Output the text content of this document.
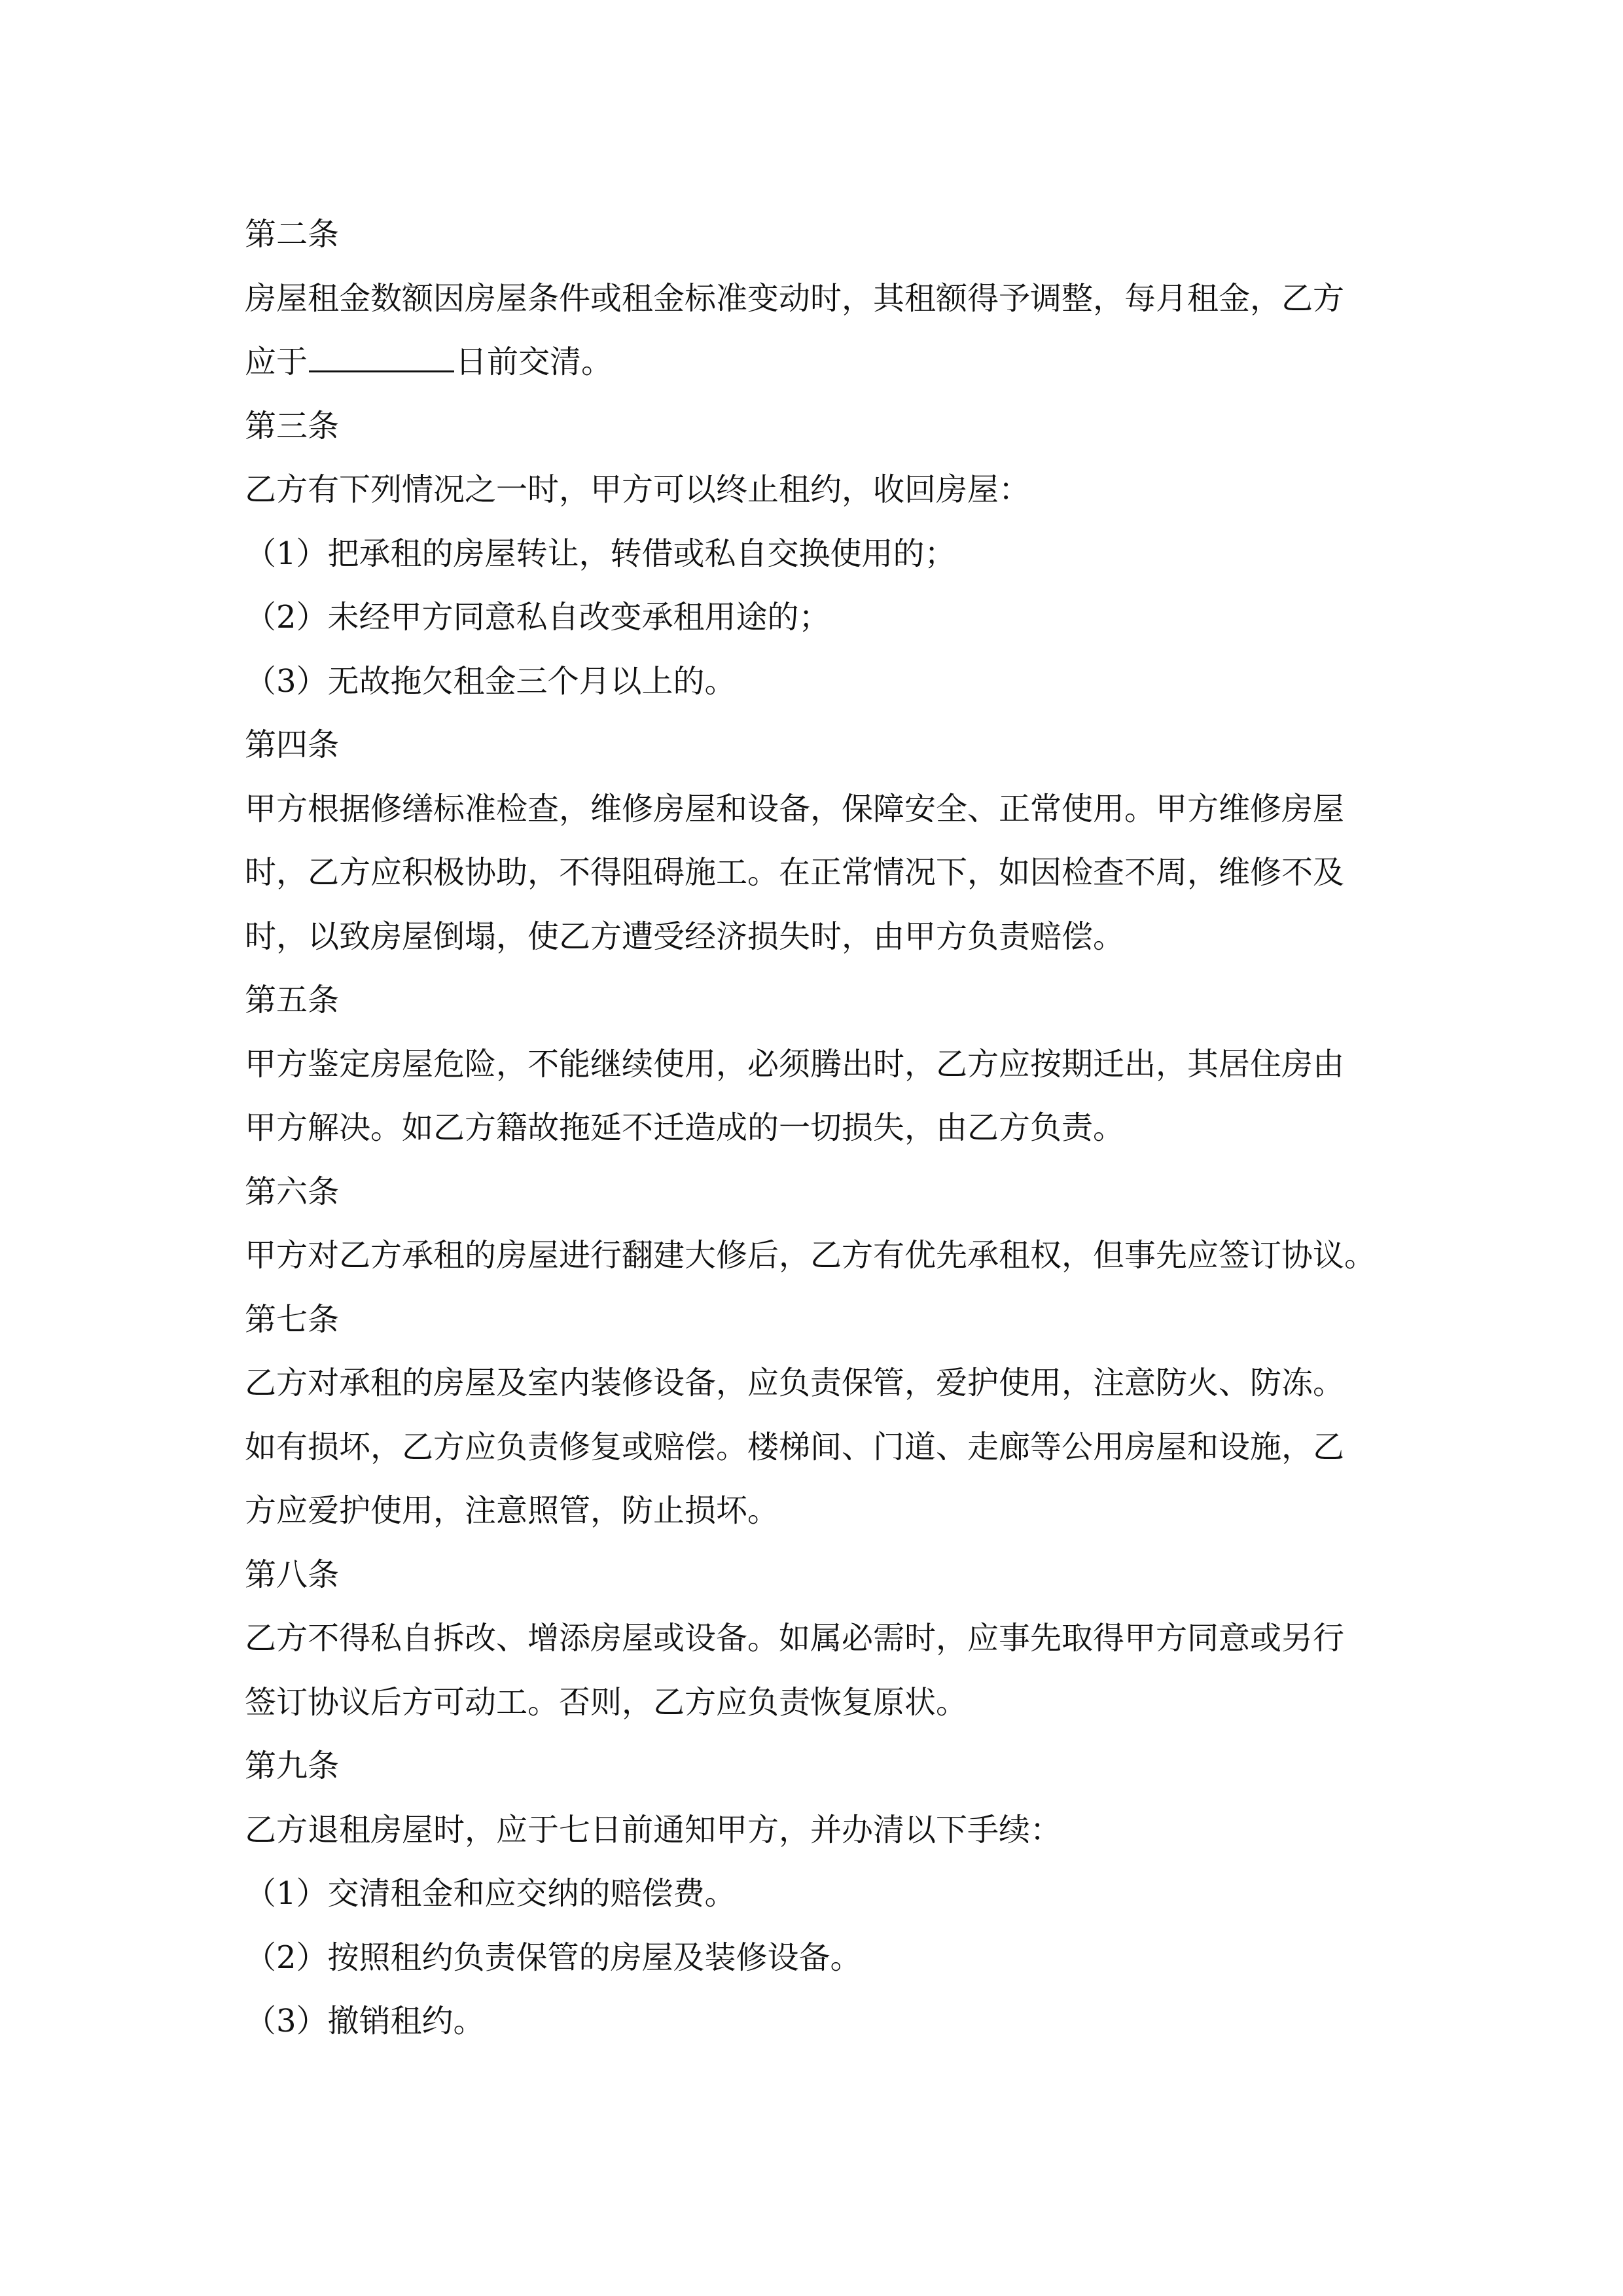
第二条
房屋租金数额因房屋条件或租金标准变动时，其租额得予调整，每月租金，乙方
应于	日前交清。
第三条
乙方有下列情况之一时，甲方可以终止租约，收回房屋：
（1）把承租的房屋转让，转借或私自交换使用的；
（2）未经甲方同意私自改变承租用途的；
（3）无故拖欠租金三个月以上的。
第四条
甲方根据修缮标准检查，维修房屋和设备，保障安全、正常使用。甲方维修房屋
时，乙方应积极协助，不得阻碍施工。在正常情况下，如因检查不周，维修不及
时，以致房屋倒塌，使乙方遭受经济损失时，由甲方负责赔偿。
第五条
甲方鉴定房屋危险，不能继续使用，必须腾出时，乙方应按期迁出，其居住房由
甲方解决。如乙方籍故拖延不迁造成的一切损失，由乙方负责。
第六条
甲方对乙方承租的房屋进行翻建大修后，乙方有优先承租权，但事先应签订协议。
第七条
乙方对承租的房屋及室内装修设备，应负责保管，爱护使用，注意防火、防冻。
如有损坏，乙方应负责修复或赔偿。楼梯间、门道、走廊等公用房屋和设施，乙
方应爱护使用，注意照管，防止损坏。
第八条
乙方不得私自拆改、增添房屋或设备。如属必需时，应事先取得甲方同意或另行
签订协议后方可动工。否则，乙方应负责恢复原状。
第九条
乙方退租房屋时，应于七日前通知甲方，并办清以下手续：
（1）交清租金和应交纳的赔偿费。
（2）按照租约负责保管的房屋及装修设备。
（3）撤销租约。
